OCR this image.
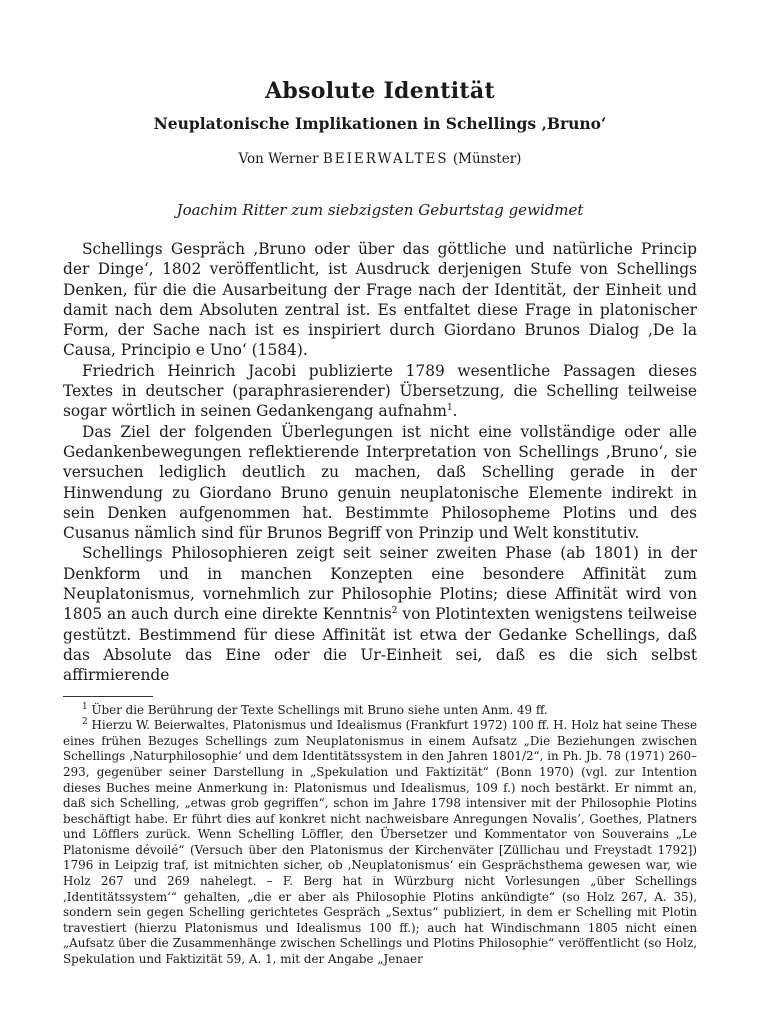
Absolute Identität
Neuplatonische Implikationen in Schellings ‚Bruno‘
Von Werner BEIERWALTES (Münster)
Joachim Ritter zum siebzigsten Geburtstag gewidmet

Schellings Gespräch ‚Bruno oder über das göttliche und natürliche Princip der Dinge‘, 1802 veröffentlicht, ist Ausdruck derjenigen Stufe von Schellings Denken, für die die Ausarbeitung der Frage nach der Identität, der Einheit und damit nach dem Absoluten zentral ist. Es entfaltet diese Frage in platonischer Form, der Sache nach ist es inspiriert durch Giordano Brunos Dialog ‚De la Causa, Principio e Uno‘ (1584).

Friedrich Heinrich Jacobi publizierte 1789 wesentliche Passagen dieses Textes in deutscher (paraphrasierender) Übersetzung, die Schelling teilweise sogar wörtlich in seinen Gedankengang aufnahm$^1$.

Das Ziel der folgenden Überlegungen ist nicht eine vollständige oder alle Gedankenbewegungen reflektierende Interpretation von Schellings ‚Bruno‘, sie versuchen lediglich deutlich zu machen, daß Schelling gerade in der Hinwendung zu Giordano Bruno genuin neuplatonische Elemente indirekt in sein Denken aufgenommen hat. Bestimmte Philosopheme Plotins und des Cusanus nämlich sind für Brunos Begriff von Prinzip und Welt konstitutiv.

Schellings Philosophieren zeigt seit seiner zweiten Phase (ab 1801) in der Denkform und in manchen Konzepten eine besondere Affinität zum Neuplatonismus, vornehmlich zur Philosophie Plotins; diese Affinität wird von 1805 an auch durch eine direkte Kenntnis$^2$ von Plotintexten wenigstens teilweise gestützt. Bestimmend für diese Affinität ist etwa der Gedanke Schellings, daß das Absolute das Eine oder die Ur-Einheit sei, daß es die sich selbst affirmierende

$^1$ Über die Berührung der Texte Schellings mit Bruno siehe unten Anm. 49 ff.

$^2$ Hierzu W. Beierwaltes, Platonismus und Idealismus (Frankfurt 1972) 100 ff. H. Holz hat seine These eines frühen Bezuges Schellings zum Neuplatonismus in einem Aufsatz „Die Beziehungen zwischen Schellings ‚Naturphilosophie‘ und dem Identitätssystem in den Jahren 1801/2“, in Ph. Jb. 78 (1971) 260–293, gegenüber seiner Darstellung in „Spekulation und Faktizität“ (Bonn 1970) (vgl. zur Intention dieses Buches meine Anmerkung in: Platonismus und Idealismus, 109 f.) noch bestärkt. Er nimmt an, daß sich Schelling, „etwas grob gegriffen“, schon im Jahre 1798 intensiver mit der Philosophie Plotins beschäftigt habe. Er führt dies auf konkret nicht nachweisbare Anregungen Novalis’, Goethes, Platners und Löfflers zurück. Wenn Schelling Löffler, den Übersetzer und Kommentator von Souverains „Le Platonisme dévoilé“ (Versuch über den Platonismus der Kirchenväter [Züllichau und Freystadt 1792]) 1796 in Leipzig traf, ist mitnichten sicher, ob ‚Neuplatonismus‘ ein Gesprächsthema gewesen war, wie Holz 267 und 269 nahelegt. – F. Berg hat in Würzburg nicht Vorlesungen „über Schellings ‚Identitätssystem‘“ gehalten, „die er aber als Philosophie Plotins ankündigte“ (so Holz 267, A. 35), sondern sein gegen Schelling gerichtetes Gespräch „Sextus“ publiziert, in dem er Schelling mit Plotin travestiert (hierzu Platonismus und Idealismus 100 ff.); auch hat Windischmann 1805 nicht einen „Aufsatz über die Zusammenhänge zwischen Schellings und Plotins Philosophie“ veröffentlicht (so Holz, Spekulation und Faktizität 59, A. 1, mit der Angabe „Jenaer
